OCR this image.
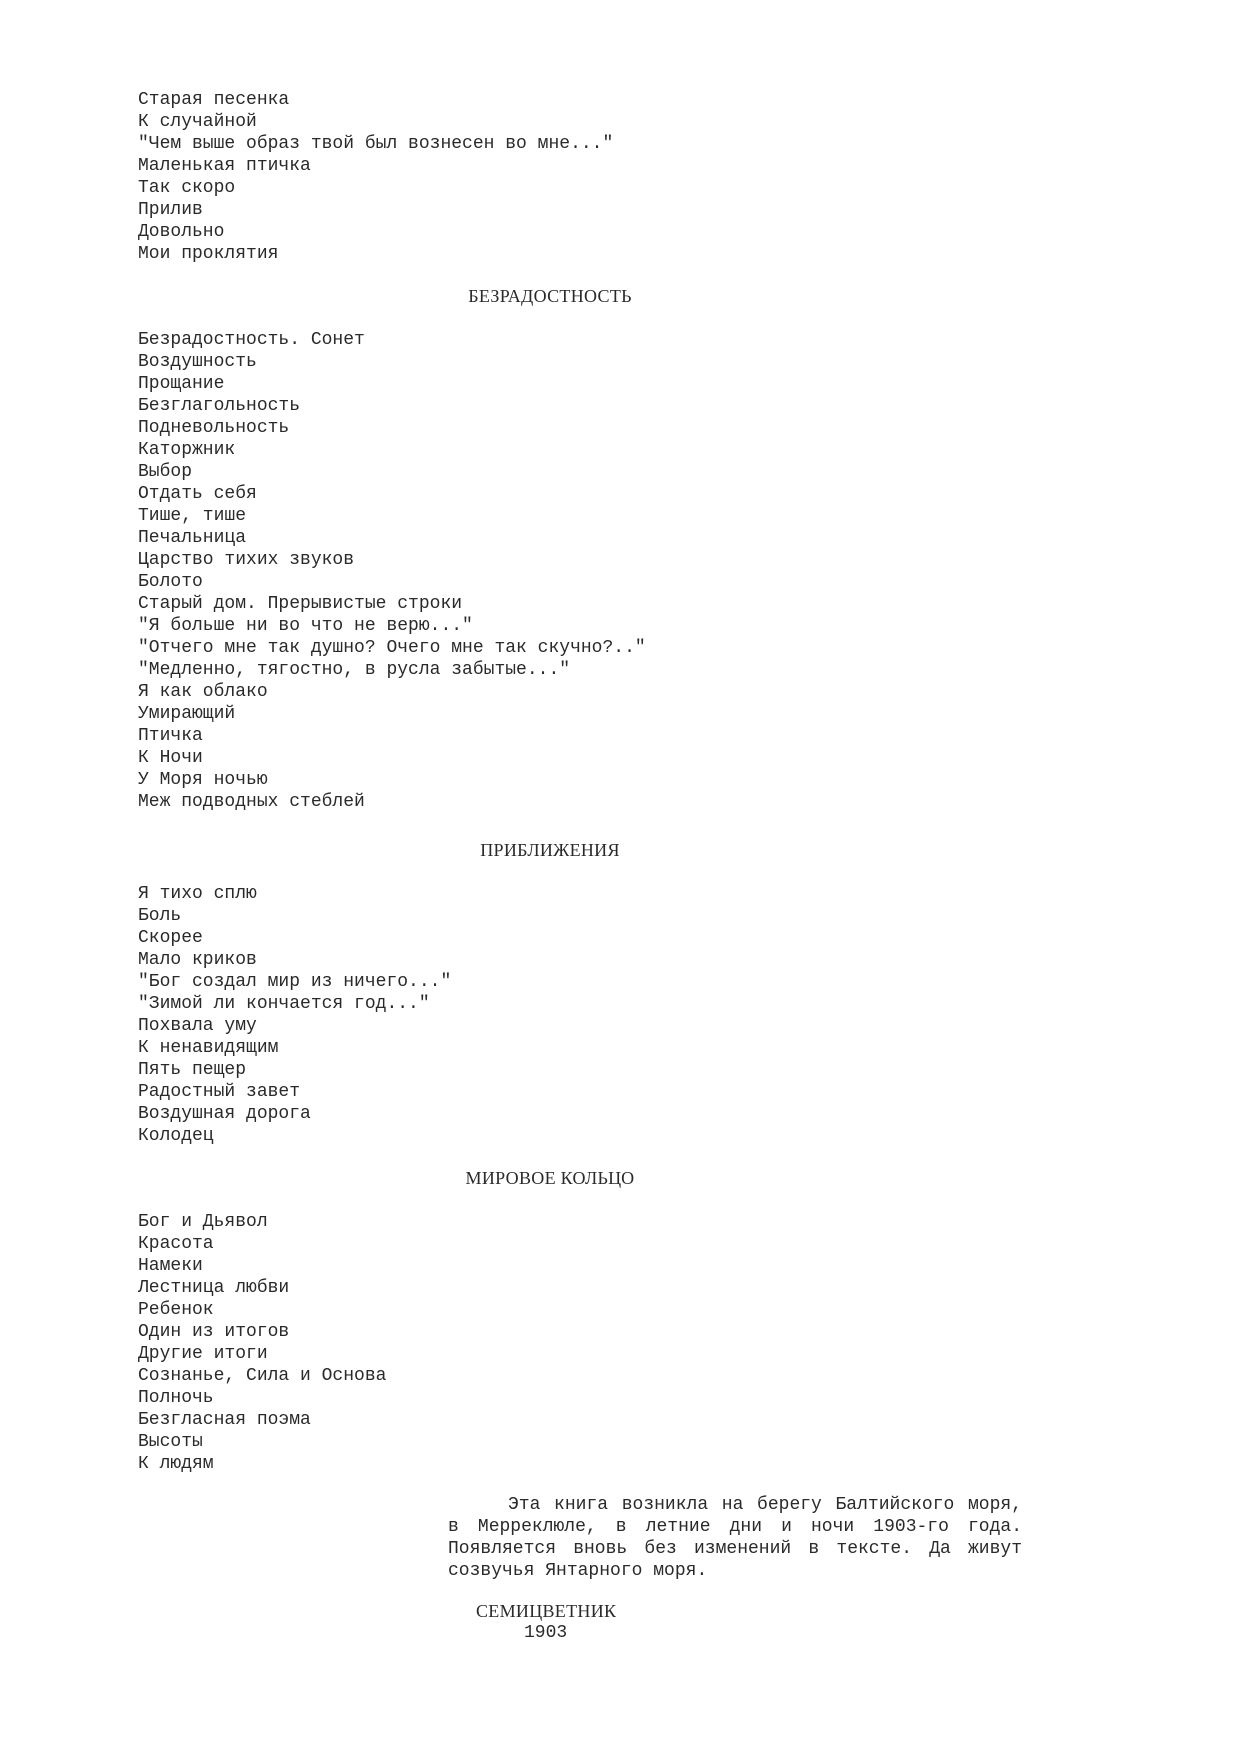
Старая песенка
К случайной
"Чем выше образ твой был вознесен во мне..."
Маленькая птичка
Так скоро
Прилив
Довольно
Мои проклятия
БЕЗРАДОСТНОСТЬ
Безрадостность. Сонет
Воздушность
Прощание
Безглагольность
Подневольность
Каторжник
Выбор
Отдать себя
Тише, тише
Печальница
Царство тихих звуков
Болото
Старый дом. Прерывистые строки
"Я больше ни во что не верю..."
"Отчего мне так душно? Очего мне так скучно?.."
"Медленно, тягостно, в русла забытые..."
Я как облако
Умирающий
Птичка
К Ночи
У Моря ночью
Меж подводных стеблей
ПРИБЛИЖЕНИЯ
Я тихо сплю
Боль
Скорее
Мало криков
"Бог создал мир из ничего..."
"Зимой ли кончается год..."
Похвала уму
К ненавидящим
Пять пещер
Радостный завет
Воздушная дорога
Колодец
МИРОВОЕ КОЛЬЦО
Бог и Дьявол
Красота
Намеки
Лестница любви
Ребенок
Один из итогов
Другие итоги
Сознанье, Сила и Основа
Полночь
Безгласная поэма
Высоты
К людям

Эта книга возникла на берегу Балтийского моря, в Мерреклюле, в летние дни и ночи 1903-го года. Появляется вновь без изменений в тексте. Да живут созвучья Янтарного моря.

СЕМИЦВЕТНИК
1903
